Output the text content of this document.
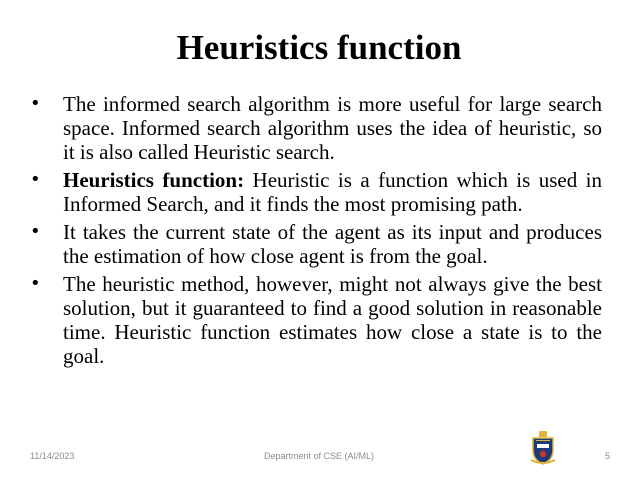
Heuristics function
•	The informed search algorithm is more useful for large search space. Informed search algorithm uses the idea of heuristic, so it is also called Heuristic search.
•	Heuristics function: Heuristic is a function which is used in Informed Search, and it finds the most promising path.
•	It takes the current state of the agent as its input and produces the estimation of how close agent is from the goal.
•	The heuristic method, however, might not always give the best solution, but it guaranteed to find a good solution in reasonable time. Heuristic function estimates how close a state is to the goal.
11/14/2023	Department of CSE (AI/ML)	5
